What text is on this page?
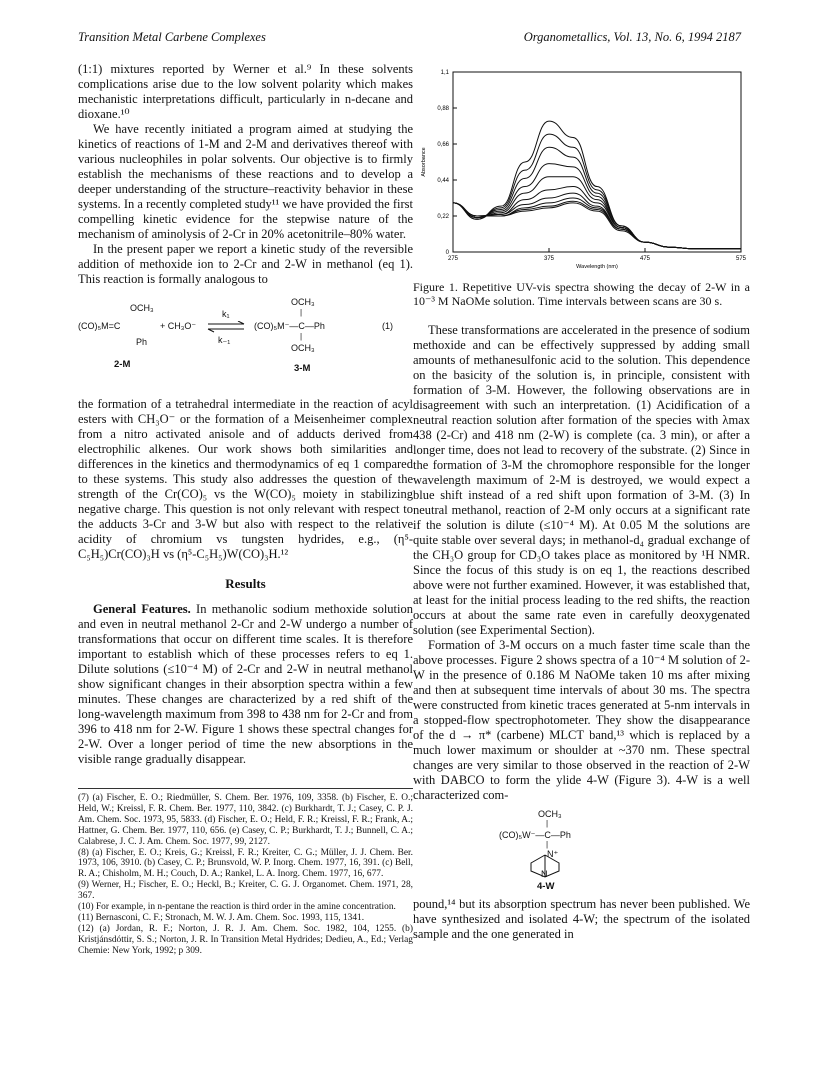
Transition Metal Carbene Complexes	Organometallics, Vol. 13, No. 6, 1994 2187

(1:1) mixtures reported by Werner et al.⁹ In these solvents complications arise due to the low solvent polarity which makes mechanistic interpretations difficult, particularly in n-decane and dioxane.¹⁰

We have recently initiated a program aimed at studying the kinetics of reactions of 1-M and 2-M and derivatives thereof with various nucleophiles in polar solvents. Our objective is to firmly establish the mechanisms of these reactions and to develop a deeper understanding of the structure–reactivity behavior in these systems. In a recently completed study¹¹ we have provided the first compelling kinetic evidence for the stepwise nature of the mechanism of aminolysis of 2-Cr in 20% acetonitrile–80% water.

In the present paper we report a kinetic study of the reversible addition of methoxide ion to 2-Cr and 2-W in methanol (eq 1). This reaction is formally analogous to

OCH₃
(CO)₅M=C
Ph
+ CH₃O⁻
k₁
k₋₁
OCH₃
|
(CO)₅M⁻—C—Ph
|
OCH₃
(1)
2-M	3-M

the formation of a tetrahedral intermediate in the reaction of acyl esters with CH₃O⁻ or the formation of a Meisenheimer complex from a nitro activated anisole and of adducts derived from electrophilic alkenes. Our work shows both similarities and differences in the kinetics and thermodynamics of eq 1 compared to these systems. This study also addresses the question of the strength of the Cr(CO)₅ vs the W(CO)₅ moiety in stabilizing negative charge. This question is not only relevant with respect to the adducts 3-Cr and 3-W but also with respect to the relative acidity of chromium vs tungsten hydrides, e.g., (η⁵-C₅H₅)Cr(CO)₃H vs (η⁵-C₅H₅)W(CO)₃H.¹²

Results

General Features. In methanolic sodium methoxide solution and even in neutral methanol 2-Cr and 2-W undergo a number of transformations that occur on different time scales. It is therefore important to establish which of these processes refers to eq 1. Dilute solutions (≤10⁻⁴ M) of 2-Cr and 2-W in neutral methanol show significant changes in their absorption spectra within a few minutes. These changes are characterized by a red shift of the long-wavelength maximum from 398 to 438 nm for 2-Cr and from 396 to 418 nm for 2-W. Figure 1 shows these spectral changes for 2-W. Over a longer period of time the new absorptions in the visible range gradually disappear.

(7) (a) Fischer, E. O.; Riedmüller, S. Chem. Ber. 1976, 109, 3358. (b) Fischer, E. O.; Held, W.; Kreissl, F. R. Chem. Ber. 1977, 110, 3842. (c) Burkhardt, T. J.; Casey, C. P. J. Am. Chem. Soc. 1973, 95, 5833. (d) Fischer, E. O.; Held, F. R.; Kreissl, F. R.; Frank, A.; Hattner, G. Chem. Ber. 1977, 110, 656. (e) Casey, C. P.; Burkhardt, T. J.; Bunnell, C. A.; Calabrese, J. C. J. Am. Chem. Soc. 1977, 99, 2127.
(8) (a) Fischer, E. O.; Kreis, G.; Kreissl, F. R.; Kreiter, C. G.; Müller, J. J. Chem. Ber. 1973, 106, 3910. (b) Casey, C. P.; Brunsvold, W. P. Inorg. Chem. 1977, 16, 391. (c) Bell, R. A.; Chisholm, M. H.; Couch, D. A.; Rankel, L. A. Inorg. Chem. 1977, 16, 677.
(9) Werner, H.; Fischer, E. O.; Heckl, B.; Kreiter, C. G. J. Organomet. Chem. 1971, 28, 367.
(10) For example, in n-pentane the reaction is third order in the amine concentration.
(11) Bernasconi, C. F.; Stronach, M. W. J. Am. Chem. Soc. 1993, 115, 1341.
(12) (a) Jordan, R. F.; Norton, J. R. J. Am. Chem. Soc. 1982, 104, 1255. (b) Kristjánsdóttir, S. S.; Norton, J. R. In Transition Metal Hydrides; Dedieu, A., Ed.; Verlag Chemie: New York, 1992; p 309.
0
0,22
0,44
0,66
0,88
1,1
275	375	475	575
Wavelength (nm)
Absorbance

Figure 1. Repetitive UV-vis spectra showing the decay of 2-W in a 10⁻³ M NaOMe solution. Time intervals between scans are 30 s.

These transformations are accelerated in the presence of sodium methoxide and can be effectively suppressed by adding small amounts of methanesulfonic acid to the solution. This dependence on the basicity of the solution is, in principle, consistent with formation of 3-M. However, the following observations are in disagreement with such an interpretation. (1) Acidification of a neutral reaction solution after formation of the species with λmax 438 (2-Cr) and 418 nm (2-W) is complete (ca. 3 min), or after a longer time, does not lead to recovery of the substrate. (2) Since in the formation of 3-M the chromophore responsible for the longer wavelength maximum of 2-M is destroyed, we would expect a blue shift instead of a red shift upon formation of 3-M. (3) In neutral methanol, reaction of 2-M only occurs at a significant rate if the solution is dilute (≤10⁻⁴ M). At 0.05 M the solutions are quite stable over several days; in methanol-d₄ gradual exchange of the CH₃O group for CD₃O takes place as monitored by ¹H NMR. Since the focus of this study is on eq 1, the reactions described above were not further examined. However, it was established that, at least for the initial process leading to the red shifts, the reaction occurs at about the same rate even in carefully deoxygenated solution (see Experimental Section).

Formation of 3-M occurs on a much faster time scale than the above processes. Figure 2 shows spectra of a 10⁻⁴ M solution of 2-W in the presence of 0.186 M NaOMe taken 10 ms after mixing and then at subsequent time intervals of about 30 ms. The spectra were constructed from kinetic traces generated at 5-nm intervals in a stopped-flow spectrophotometer. They show the disappearance of the d → π* (carbene) MLCT band,¹³ which is replaced by a much lower maximum or shoulder at ~370 nm. These spectral changes are very similar to those observed in the reaction of 2-W with DABCO to form the ylide 4-W (Figure 3). 4-W is a well characterized com-

OCH₃
|
(CO)₅W⁻—C—Ph
|
N⁺
N
4-W

pound,¹⁴ but its absorption spectrum has never been published. We have synthesized and isolated 4-W; the spectrum of the isolated sample and the one generated in
